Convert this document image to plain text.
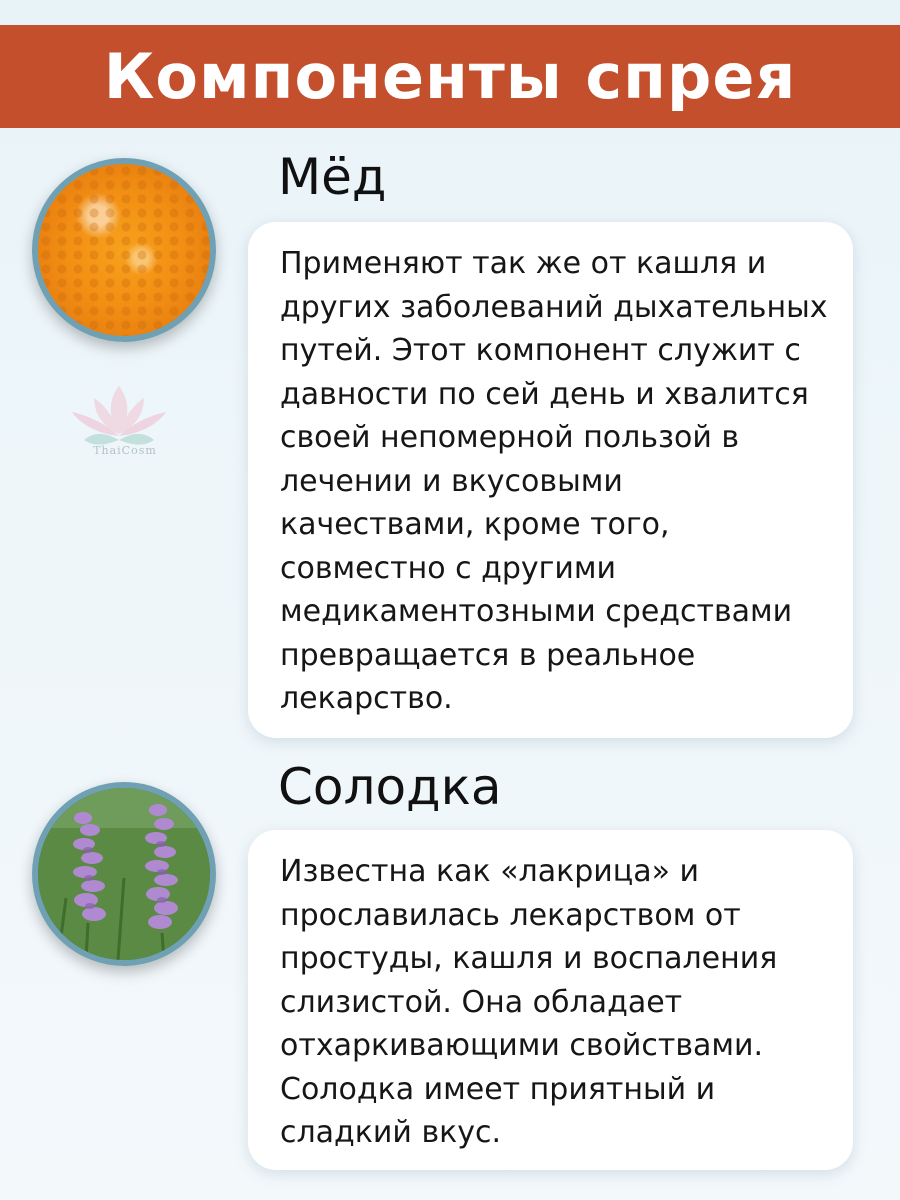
Компоненты спрея
Мёд

Применяют так же от кашля и
других заболеваний дыхательных
путей. Этот компонент служит с
давности по сей день и хвалится
своей непомерной пользой в
лечении и вкусовыми
качествами, кроме того,
совместно с другими
медикаментозными средствами
превращается в реальное
лекарство.

ThaiCosm
Солодка

Известна как «лакрица» и
прославилась лекарством от
простуды, кашля и воспаления
слизистой. Она обладает
отхаркивающими свойствами.
Солодка имеет приятный и
сладкий вкус.
